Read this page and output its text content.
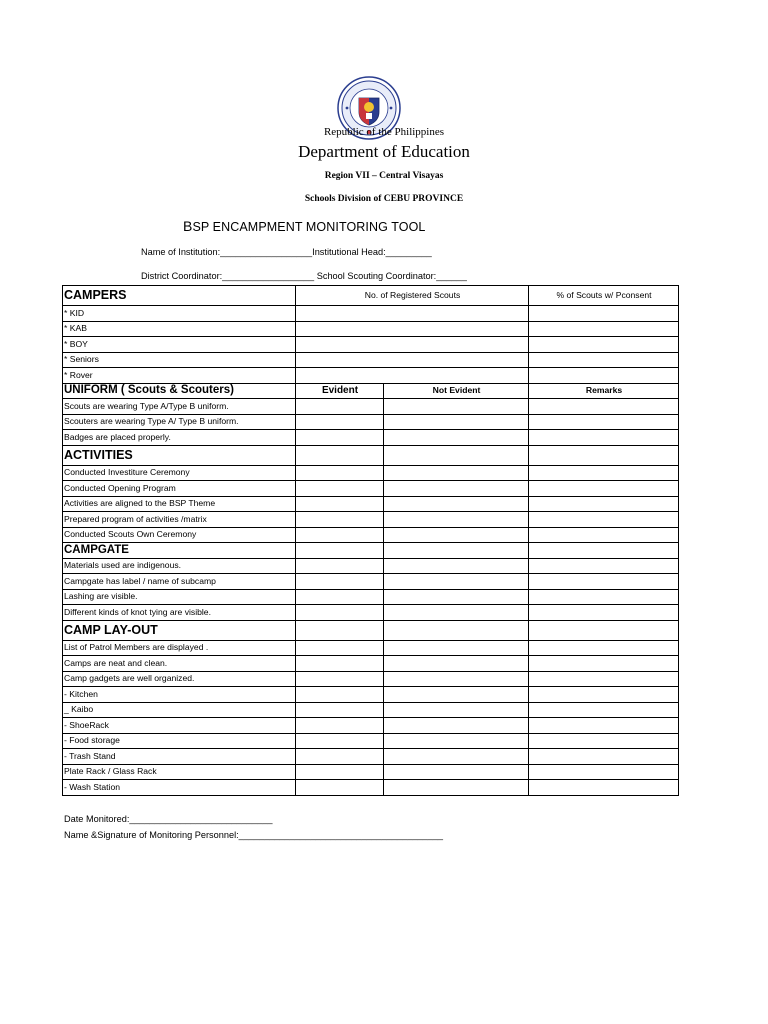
Republic of the Philippines
Department of Education
Region VII – Central Visayas
Schools Division of CEBU PROVINCE
BSP ENCAMPMENT MONITORING TOOL
Name of Institution:__________________Institutional Head:_________
District Coordinator:__________________ School Scouting Coordinator:______
CAMPERS	No. of Registered Scouts		% of Scouts w/ Pconsent
* KID			
* KAB			
* BOY			
* Seniors			
* Rover			
UNIFORM ( Scouts & Scouters)	Evident	Not Evident	Remarks
Scouts are wearing Type A/Type B uniform.			
Scouters are wearing Type A/ Type B uniform.			
Badges are placed properly.			
ACTIVITIES			
Conducted Investiture Ceremony			
Conducted Opening Program			
Activities are aligned to the BSP Theme			
Prepared program of activities /matrix			
Conducted Scouts Own Ceremony			
CAMPGATE			
Materials used are indigenous.			
Campgate has label / name of subcamp			
Lashing are visible.			
Different kinds of knot tying are visible.			
CAMP LAY-OUT			
List of Patrol Members are displayed .			
Camps are neat and clean.			
Camp gadgets are well organized.			
- Kitchen			
_ Kaibo			
- ShoeRack			
- Food storage			
- Trash Stand			
Plate Rack / Glass Rack			
- Wash Station			
Date Monitored:____________________________
Name &Signature of Monitoring Personnel:________________________________________
